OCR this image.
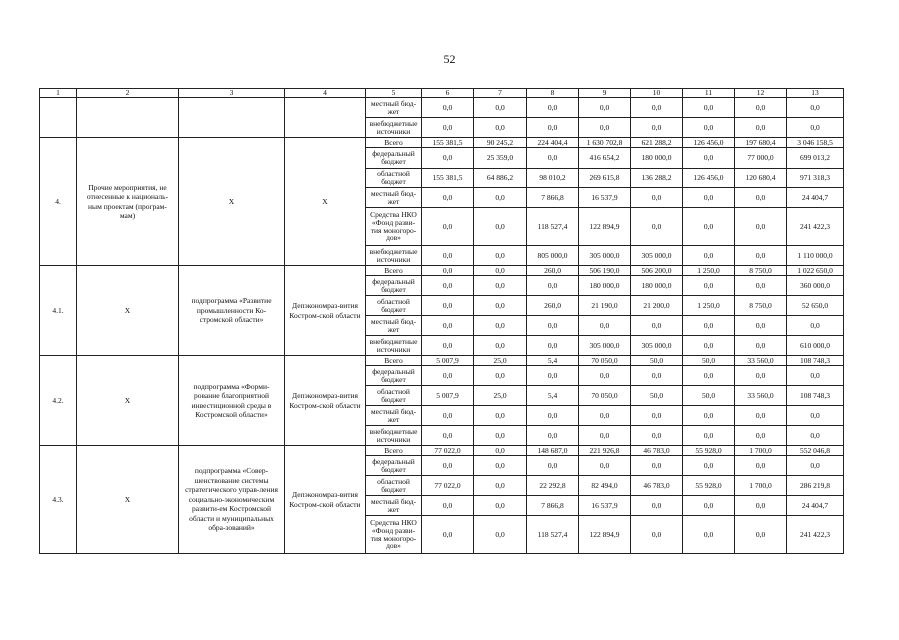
52
1	2	3	4	5	6	7	8	9	10	11	12	13
				местный бюд-жет	0,0	0,0	0,0	0,0	0,0	0,0	0,0	0,0
				внебюджетные источники	0,0	0,0	0,0	0,0	0,0	0,0	0,0	0,0
4.	Прочие мероприятия, не отнесенные к националь-ным проектам (програм-мам)	Х	Х	Всего	155 381,5	90 245,2	224 404,4	1 630 702,8	621 288,2	126 456,0	197 680,4	3 046 158,5
				федеральный бюджет	0,0	25 359,0	0,0	416 654,2	180 000,0	0,0	77 000,0	699 013,2
				областной бюджет	155 381,5	64 886,2	98 010,2	269 615,8	136 288,2	126 456,0	120 680,4	971 318,3
				местный бюд-жет	0,0	0,0	7 866,8	16 537,9	0,0	0,0	0,0	24 404,7
				Средства НКО «Фонд разви-тия моногоро-дов»	0,0	0,0	118 527,4	122 894,9	0,0	0,0	0,0	241 422,3
				внебюджетные источники	0,0	0,0	805 000,0	305 000,0	305 000,0	0,0	0,0	1 110 000,0
4.1.	Х	подпрограмма «Развитие промышленности Ко-стромской области»	Депэкономраз-вития Костром-ской области	Всего	0,0	0,0	260,0	506 190,0	506 200,0	1 250,0	8 750,0	1 022 650,0
				федеральный бюджет	0,0	0,0	0,0	180 000,0	180 000,0	0,0	0,0	360 000,0
				областной бюджет	0,0	0,0	260,0	21 190,0	21 200,0	1 250,0	8 750,0	52 650,0
				местный бюд-жет	0,0	0,0	0,0	0,0	0,0	0,0	0,0	0,0
				внебюджетные источники	0,0	0,0	0,0	305 000,0	305 000,0	0,0	0,0	610 000,0
4.2.	Х	подпрограмма «Форми-рование благоприятной инвестиционной среды в Костромской области»	Депэкономраз-вития Костром-ской области	Всего	5 007,9	25,0	5,4	70 050,0	50,0	50,0	33 560,0	108 748,3
				федеральный бюджет	0,0	0,0	0,0	0,0	0,0	0,0	0,0	0,0
				областной бюджет	5 007,9	25,0	5,4	70 050,0	50,0	50,0	33 560,0	108 748,3
				местный бюд-жет	0,0	0,0	0,0	0,0	0,0	0,0	0,0	0,0
				внебюджетные источники	0,0	0,0	0,0	0,0	0,0	0,0	0,0	0,0
4.3.	Х	подпрограмма «Совер-шенствование системы стратегического управ-ления социально-экономическим развити-ем Костромской области и муниципальных обра-зований»	Депэкономраз-вития Костром-ской области	Всего	77 022,0	0,0	148 687,0	221 926,8	46 783,0	55 928,0	1 700,0	552 046,8
				федеральный бюджет	0,0	0,0	0,0	0,0	0,0	0,0	0,0	0,0
				областной бюджет	77 022,0	0,0	22 292,8	82 494,0	46 783,0	55 928,0	1 700,0	286 219,8
				местный бюд-жет	0,0	0,0	7 866,8	16 537,9	0,0	0,0	0,0	24 404,7
				Средства НКО «Фонд разви-тия моногоро-дов»	0,0	0,0	118 527,4	122 894,9	0,0	0,0	0,0	241 422,3
